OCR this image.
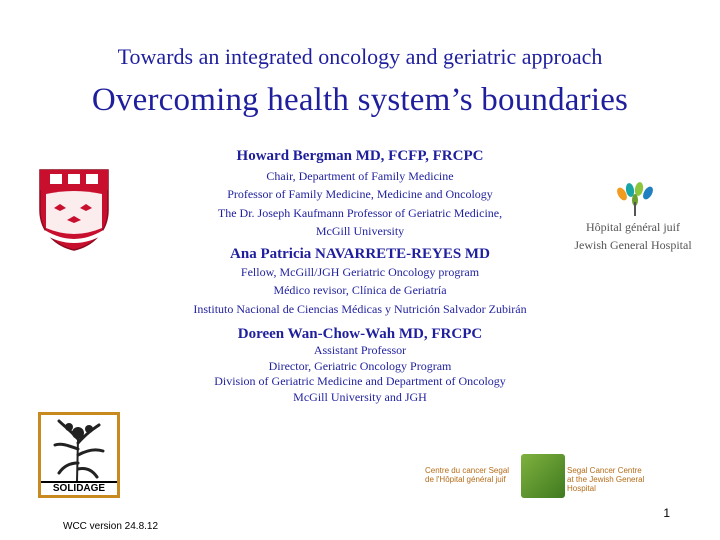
Towards an integrated oncology and geriatric approach
Overcoming health system’s boundaries
Howard Bergman MD, FCFP, FRCPC
Chair, Department of Family Medicine
Professor of Family Medicine, Medicine and Oncology
The Dr. Joseph Kaufmann Professor of Geriatric Medicine,
McGill University
Ana Patricia NAVARRETE-REYES MD
Fellow, McGill/JGH Geriatric Oncology program
Médico revisor, Clínica de Geriatría
Instituto Nacional de Ciencias Médicas y Nutrición Salvador Zubirán
Doreen Wan-Chow-Wah MD, FRCPC
Assistant Professor
Director, Geriatric Oncology Program
Division of Geriatric Medicine and Department of Oncology
McGill University and JGH
Hôpital général juif
Jewish General Hospital
SOLIDAGE
Centre du cancer Segal de l'Hôpital général juif
Segal Cancer Centre at the Jewish General Hospital
1
WCC version 24.8.12
